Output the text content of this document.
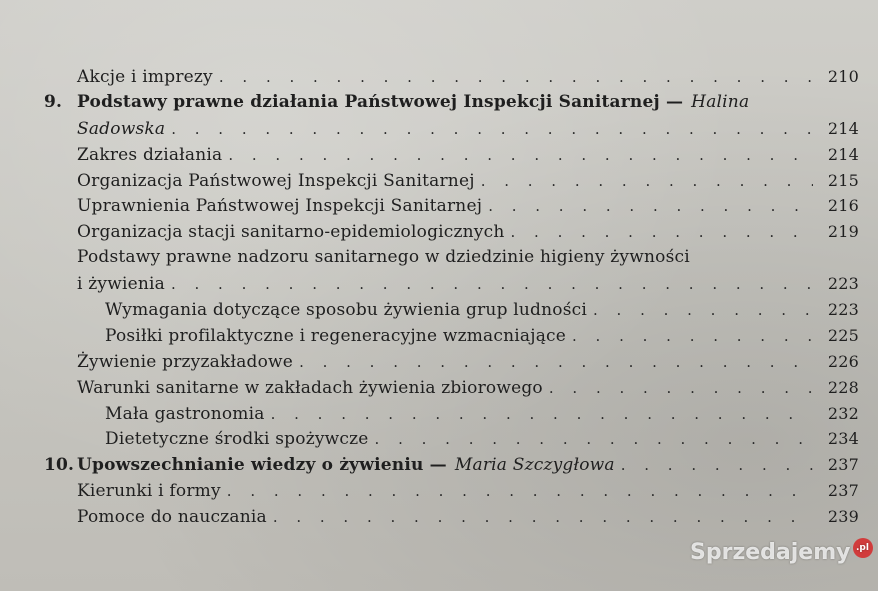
Akcje i imprezy . . .	210
9. Podstawy prawne działania Państwowej Inspekcji Sanitarnej — Halina
Sadowska . . .	214
Zakres działania . . .	214
Organizacja Państwowej Inspekcji Sanitarnej . . .	215
Uprawnienia Państwowej Inspekcji Sanitarnej . . .	216
Organizacja stacji sanitarno-epidemiologicznych . . .	219
Podstawy prawne nadzoru sanitarnego w dziedzinie higieny żywności
i żywienia . . .	223
Wymagania dotyczące sposobu żywienia grup ludności . . .	223
Posiłki profilaktyczne i regeneracyjne wzmacniające . . .	225
Żywienie przyzakładowe . . .	226
Warunki sanitarne w zakładach żywienia zbiorowego . . .	228
Mała gastronomia . . .	232
Dietetyczne środki spożywcze . . .	234
10. Upowszechnianie wiedzy o żywieniu — Maria Szczygłowa . . .	237
Kierunki i formy . . .	237
Pomoce do nauczania . . .	239
Sprzedajemy .pl
